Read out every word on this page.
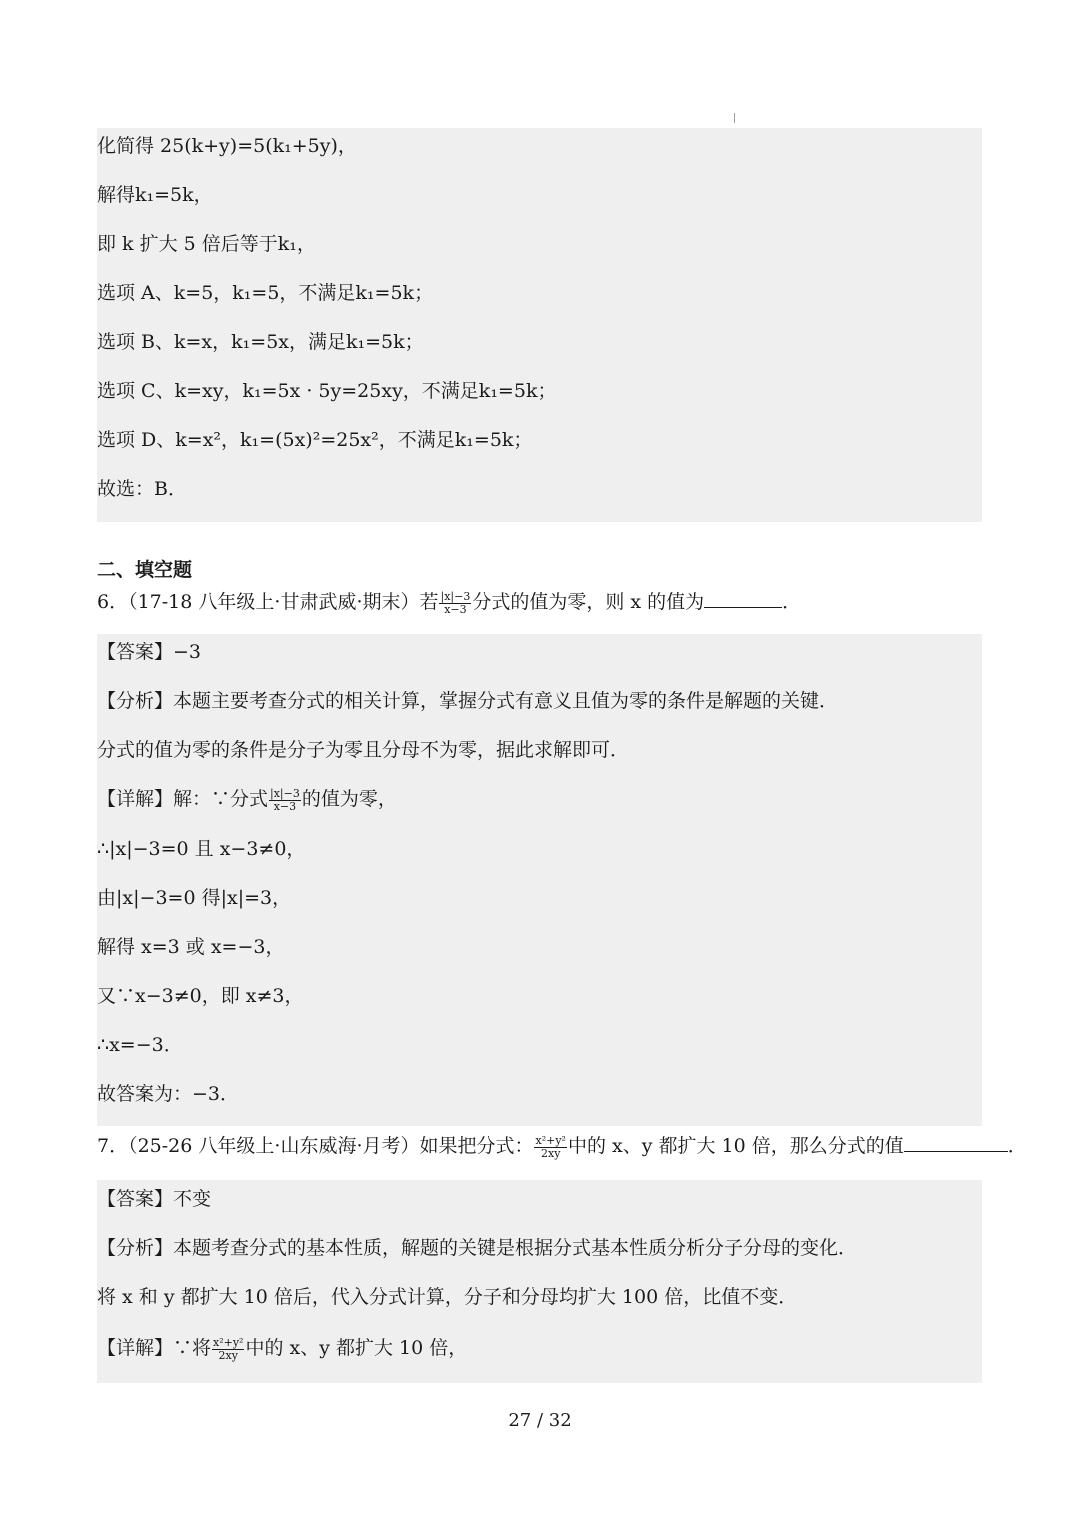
化简得 25(k+y)=5(k₁+5y)，
解得k₁=5k，
即 k 扩大 5 倍后等于k₁，
选项 A、k=5，k₁=5，不满足k₁=5k；
选项 B、k=x，k₁=5x，满足k₁=5k；
选项 C、k=xy，k₁=5x · 5y=25xy，不满足k₁=5k；
选项 D、k=x²，k₁=(5x)²=25x²，不满足k₁=5k；
故选：B．
二、填空题
6．（17-18 八年级上·甘肃武威·期末）若 $\frac{|x|-3}{x-3}$ 分式的值为零，则 x 的值为	．
【答案】−3
【分析】本题主要考查分式的相关计算，掌握分式有意义且值为零的条件是解题的关键．
分式的值为零的条件是分子为零且分母不为零，据此求解即可．
【详解】解：∵分式 $\frac{|x|-3}{x-3}$ 的值为零，
∴|x|−3=0 且 x−3≠0，
由|x|−3=0 得|x|=3，
解得 x=3 或 x=−3，
又∵x−3≠0，即 x≠3，
∴x=−3．
故答案为：−3．
7．（25-26 八年级上·山东威海·月考）如果把分式： $\frac{\text{x²+y²}}{2xy}$ 中的 x、y 都扩大 10 倍，那么分式的值	．
【答案】不变
【分析】本题考查分式的基本性质，解题的关键是根据分式基本性质分析分子分母的变化．
将 x 和 y 都扩大 10 倍后，代入分式计算，分子和分母均扩大 100 倍，比值不变．
【详解】∵将 $\frac{\text{x²+y²}}{2xy}$ 中的 x、y 都扩大 10 倍，
27 / 32
